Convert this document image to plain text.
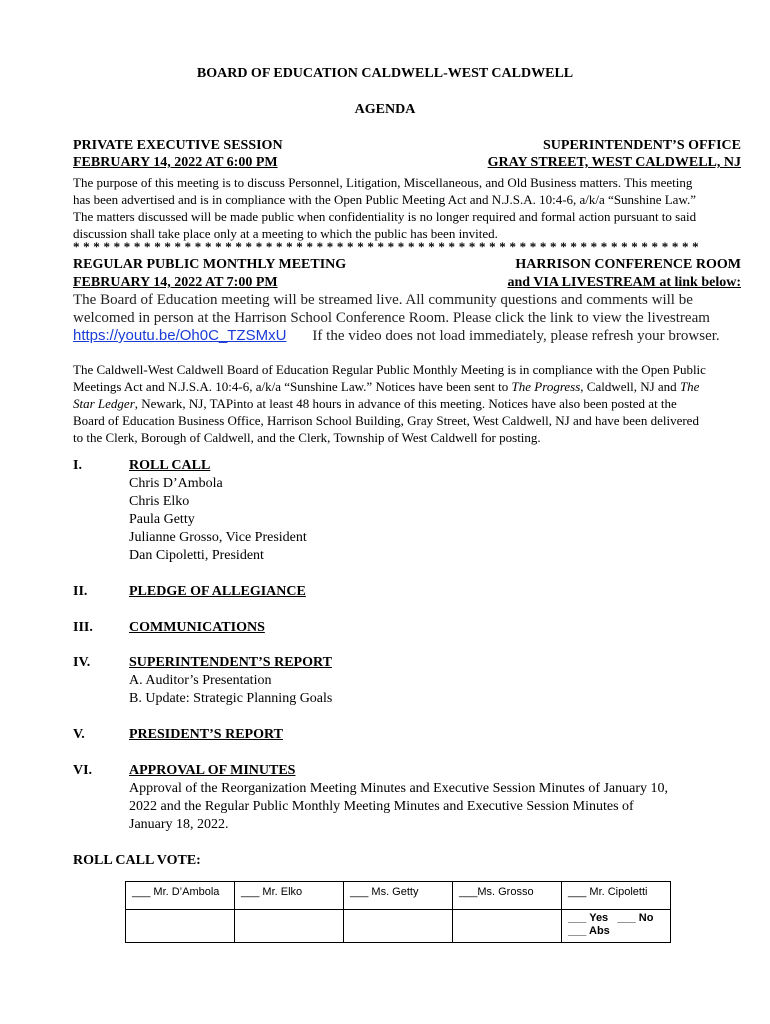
BOARD OF EDUCATION CALDWELL-WEST CALDWELL
AGENDA
PRIVATE EXECUTIVE SESSION
FEBRUARY 14, 2022 AT 6:00 PM
SUPERINTENDENT’S OFFICE
GRAY STREET, WEST CALDWELL, NJ
The purpose of this meeting is to discuss Personnel, Litigation, Miscellaneous, and Old Business matters. This meeting
has been advertised and is in compliance with the Open Public Meeting Act and N.J.S.A. 10:4-6, a/k/a “Sunshine Law.”
The matters discussed will be made public when confidentiality is no longer required and formal action pursuant to said
discussion shall take place only at a meeting to which the public has been invited.
* * * * * * * * * * * * * * * * * * * * * * * * * * * * * * * * * * * * * * * * * * * * * * * * * * * * * * * * * * * * * *
REGULAR PUBLIC MONTHLY MEETING
FEBRUARY 14, 2022 AT 7:00 PM
HARRISON CONFERENCE ROOM
and VIA LIVESTREAM at link below:
The Board of Education meeting will be streamed live. All community questions and comments will be
welcomed in person at the Harrison School Conference Room. Please click the link to view the livestream
https://youtu.be/Oh0C_TZSMxU If the video does not load immediately, please refresh your browser.
The Caldwell-West Caldwell Board of Education Regular Public Monthly Meeting is in compliance with the Open Public
Meetings Act and N.J.S.A. 10:4-6, a/k/a “Sunshine Law.” Notices have been sent to The Progress, Caldwell, NJ and The
Star Ledger, Newark, NJ, TAPinto at least 48 hours in advance of this meeting. Notices have also been posted at the
Board of Education Business Office, Harrison School Building, Gray Street, West Caldwell, NJ and have been delivered
to the Clerk, Borough of Caldwell, and the Clerk, Township of West Caldwell for posting.
I.	ROLL CALL
Chris D’Ambola
Chris Elko
Paula Getty
Julianne Grosso, Vice President
Dan Cipoletti, President
II.	PLEDGE OF ALLEGIANCE
III.	COMMUNICATIONS
IV.	SUPERINTENDENT’S REPORT
A. Auditor’s Presentation
B. Update: Strategic Planning Goals
V.	PRESIDENT’S REPORT
VI.	APPROVAL OF MINUTES
Approval of the Reorganization Meeting Minutes and Executive Session Minutes of January 10,
2022 and the Regular Public Monthly Meeting Minutes and Executive Session Minutes of
January 18, 2022.
ROLL CALL VOTE:
___ Mr. D’Ambola	___ Mr. Elko	___ Ms. Getty	___Ms. Grosso	___ Mr. Cipoletti

				___ Yes ___ No
___ Abs
